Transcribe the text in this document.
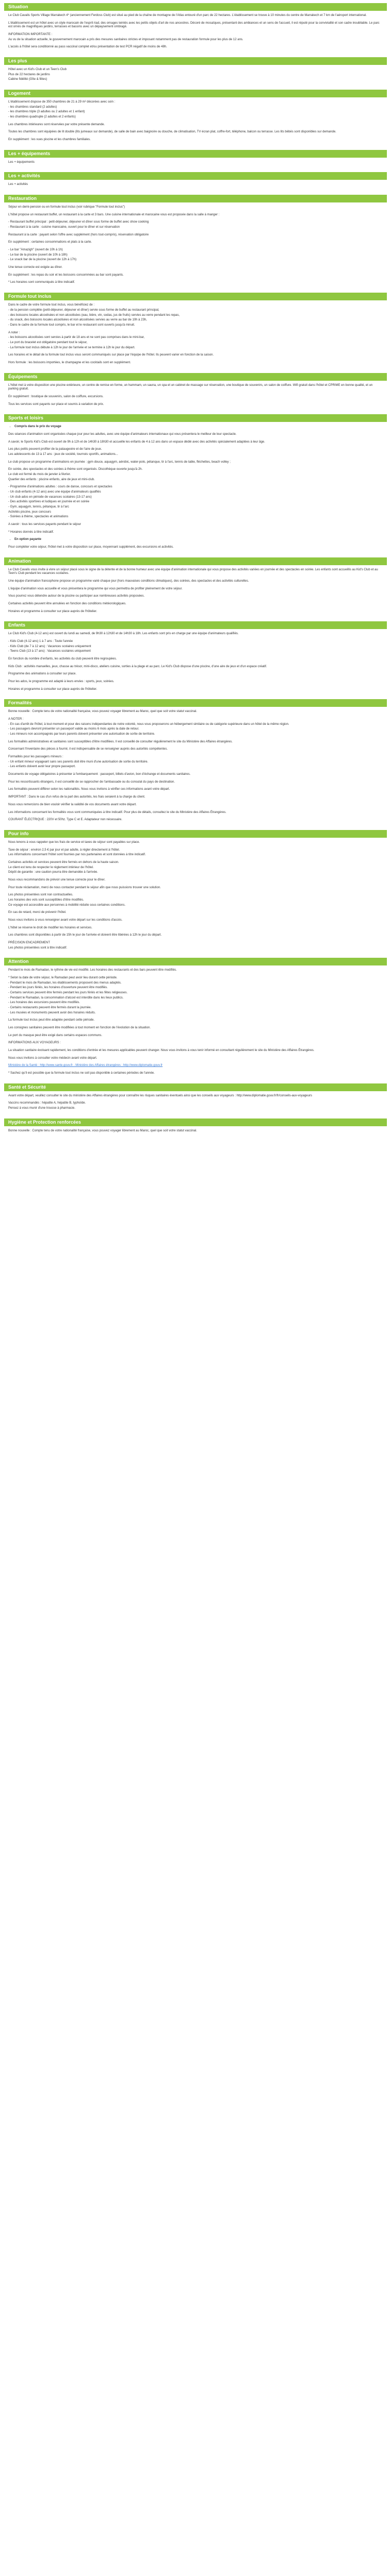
Situation

Le Club Cavalis Sports Village Marrakech 4* (anciennement Ferdoss Club) est situé au pied de la chaîne de montagne de l'Atlas entouré d'un parc de 22 hectares. L'établissement se trouve à 10 minutes du centre de Marrakech et 7 km de l'aéroport international.

L'établissement est un hôtel avec un style marocain de l'esprit riad, des ornages teintés avec les petits objets d'art de nos ancestres. Décoré de mosaïques, présentant des ambiances et un sens de l'accueil, il est réputé pour la convivialité et son cadre inoubliable. Le parc est ornés de magnifiques jardins, terrasses et bassins avec un dépaysement ombragé.

INFORMATION IMPORTANTE :

Au vu de la situation actuelle, le gouvernement marocain a pris des mesures sanitaires strictes et imposant notamment pas de restauration formule pour les plus de 12 ans.

L'accès à l'hôtel sera conditionné au pass vaccinal complet et/ou présentation de test PCR négatif de moins de 48h.

Les plus

Hôtel avec un Kid's Club et un Teen's Club

Plus de 22 hectares de jardins

Cabine fidélité (Gîte & fêtes)

Logement

L'établissement dispose de 350 chambres de 21 à 29 m² décorées avec soin :

- les chambres standard (2 adultes)

- les chambres triple (3 adultes ou 2 adultes et 1 enfant)

- les chambres quadruple (2 adultes et 2 enfants)

Les chambres intérieures sont réservées par votre présente demande.

Toutes les chambres sont équipées de lit double (lits jumeaux sur demande), de salle de bain avec baignoire ou douche, de climatisation, TV écran plat, coffre-fort, téléphone, balcon ou terrasse. Les lits bébés sont disponibles sur demande.

En supplément : les vues piscine et les chambres familiales.

Les + équipements

Les + équipements

Les + activités

Les + activités

Restauration

Séjour en demi-pension ou en formule tout inclus (voir rubrique "Formule tout inclus")

L'hôtel propose un restaurant buffet, un restaurant à la carte et 3 bars. Une cuisine internationale et marocaine vous est proposée dans la salle à manger :

- Restaurant buffet principal : petit-déjeuner, déjeuner et dîner sous forme de buffet avec show cooking

- Restaurant à la carte : cuisine marocaine, ouvert pour le dîner et sur réservation

Restaurant à la carte : payant selon l'offre avec supplément (hors tout-compris), réservation obligatoire

En supplément : certaines consommations et plats à la carte.

- Le bar "Amazigh" (ouvert de 10h à 1h)

- Le bar de la piscine (ouvert de 10h à 18h)

- Le snack bar de la piscine (ouvert de 12h à 17h)

Une tenue correcte est exigée au dîner.

En supplément : les repas du soir et les boissons consommées au bar sont payants.

* Les horaires sont communiqués à titre indicatif.

Formule tout inclus

Dans le cadre de votre formule tout inclus, vous bénéficiez de :

- de la pension complète (petit-déjeuner, déjeuner et dîner) servie sous forme de buffet au restaurant principal,

- des boissons locales alcoolisées et non alcoolisées (eau, bière, vin, sodas, jus de fruits) servies au verre pendant les repas,

- du snack, des boissons locales alcoolisées et non alcoolisées servies au verre au bar de 10h à 23h,

- Dans le cadre de la formule tout compris, le bar et le restaurant sont ouverts jusqu'à minuit.

A noter :

- les boissons alcoolisées sont servies à partir de 18 ans et ne sont pas comprises dans le mini-bar,

- Le port du bracelet est obligatoire pendant tout le séjour,

- La formule tout inclus débute à 12h le jour de l'arrivée et se termine à 12h le jour du départ.

Les horaires et le détail de la formule tout inclus vous seront communiqués sur place par l'équipe de l'hôtel. Ils peuvent varier en fonction de la saison.

Hors formule : les boissons importées, le champagne et les cocktails sont en supplément.

Équipements

L'hôtel met à votre disposition une piscine extérieure, un centre de remise en forme, un hammam, un sauna, un spa et un cabinet de massage sur réservation, une boutique de souvenirs, un salon de coiffure. Wifi gratuit dans l'hôtel et CPRIME en bonne qualité, et un parking gratuit.

En supplément : boutique de souvenirs, salon de coiffure, excursions.

Tous les services sont payants sur place et soumis à variation de prix.

Sports et loisirs
• Compris dans le prix du voyage

Des séances d'animation sont organisées chaque jour pour les adultes, avec une équipe d'animateurs internationaux qui vous présentera le meilleur de leur spectacle.

A savoir, le Sports Kid's Club est ouvert de 9h à 12h et de 14h30 à 18h30 et accueille les enfants de 4 à 12 ans dans un espace dédié avec des activités spécialement adaptées à leur âge.

Les plus petits peuvent profiter de la pataugeoire et de l'aire de jeux.

Les adolescents de 13 à 17 ans : jeux de société, tournois sportifs, animations...

Le club propose un programme d'animations en journée : gym douce, aquagym, aérobic, water-polo, pétanque, tir à l'arc, tennis de table, fléchettes, beach volley ;

En soirée, des spectacles et des soirées à thème sont organisés. Discothèque ouverte jusqu'à 2h.

Le club est fermé du mois de janvier à février.

Quartier des enfants : piscine enfants, aire de jeux et mini-club.

- Programme d'animations adultes : cours de danse, concours et spectacles

- Un club enfants (4-12 ans) avec une équipe d'animateurs qualifiés

- Un club ados en période de vacances scolaires (13-17 ans)

- Des activités sportives et ludiques en journée et en soirée

- Gym, aquagym, tennis, pétanque, tir à l'arc

Activités piscine, jeux concours

- Soirées à thème, spectacles et animations

A savoir : tous les services payants pendant le séjour

* Horaires donnés à titre indicatif.

• En option payante

Pour compléter votre séjour, l'hôtel met à votre disposition sur place, moyennant supplément, des excursions et activités.

Animation

Le Club Cavalis vous invite à vivre un séjour placé sous le signe de la détente et de la bonne humeur avec une équipe d'animation internationale qui vous propose des activités variées en journée et des spectacles en soirée. Les enfants sont accueillis au Kid's Club et au Teen's Club pendant les vacances scolaires.

Une équipe d'animation francophone propose un programme varié chaque jour (hors mauvaises conditions climatiques), des soirées, des spectacles et des activités culturelles.

L'équipe d'animation vous accueille et vous présentera le programme qui vous permettra de profiter pleinement de votre séjour.

Vous pourrez vous détendre autour de la piscine ou participer aux nombreuses activités proposées.

Certaines activités peuvent être annulées en fonction des conditions météorologiques.

Horaires et programme à consulter sur place auprès de l'hôtelier.

Enfants

Le Club Kid's Club (4-12 ans) est ouvert du lundi au samedi, de 9h30 à 12h30 et de 14h30 à 18h. Les enfants sont pris en charge par une équipe d'animateurs qualifiés.

- Kids Club (4-12 ans) 1 à 7 ans : Toute l'année

- Kids Club (de 7 à 12 ans) : Vacances scolaires uniquement

- Teens Club (13 à 17 ans) : Vacances scolaires uniquement

En fonction du nombre d'enfants, les activités du club peuvent être regroupées.

Kids Club : activités manuelles, jeux, chasse au trésor, mini-disco, ateliers cuisine, sorties à la plage et au parc. Le Kid's Club dispose d'une piscine, d'une aire de jeux et d'un espace créatif.

Programme des animations à consulter sur place.

Pour les ados, le programme est adapté à leurs envies : sports, jeux, soirées.

Horaires et programme à consulter sur place auprès de l'hôtelier.

Formalités

Bonne nouvelle : Compte tenu de votre nationalité française, vous pouvez voyager librement au Maroc, quel que soit votre statut vaccinal.

A NOTER :

- En cas d'arrêt de l'hôtel, à tout moment et pour des raisons indépendantes de notre volonté, nous vous proposerons un hébergement similaire ou de catégorie supérieure dans un hôtel de la même région.

- Les passagers devront présenter un passeport valide au moins 6 mois après la date de retour.

- Les mineurs non accompagnés par leurs parents doivent présenter une autorisation de sortie de territoire.

Les formalités administratives et sanitaires sont susceptibles d'être modifiées. Il est conseillé de consulter régulièrement le site du Ministère des Affaires étrangères.

Concernant l'inventaire des pièces à fournir, il est indispensable de se renseigner auprès des autorités compétentes.

Formalités pour les passagers mineurs :

- Un enfant mineur voyageant sans ses parents doit être muni d'une autorisation de sortie du territoire.

- Les enfants doivent avoir leur propre passeport.

Documents de voyage obligatoires à présenter à l'embarquement : passeport, billets d'avion, bon d'échange et documents sanitaires.

Pour les ressortissants étrangers, il est conseillé de se rapprocher de l'ambassade ou du consulat du pays de destination.

Les formalités peuvent différer selon les nationalités. Nous vous invitons à vérifier ces informations avant votre départ.

IMPORTANT : Dans le cas d'un refus de la part des autorités, les frais seraient à la charge du client.

Nous vous remercions de bien vouloir vérifier la validité de vos documents avant votre départ.

Les informations concernant les formalités vous sont communiquées à titre indicatif. Pour plus de détails, consultez le site du Ministère des Affaires Étrangères.

COURANT ÉLECTRIQUE : 220V et 50hz. Type C et E. Adaptateur non nécessaire.

Pour info

Nous tenons à vous rappeler que les frais de service et taxes de séjour sont payables sur place.

Taxe de séjour : environ 2,5 € par jour et par adulte, à régler directement à l'hôtel.

Les informations concernant l'hôtel sont fournies par nos partenaires et sont données à titre indicatif.

Certaines activités et services peuvent être fermés en dehors de la haute saison.

Le client est tenu de respecter le règlement intérieur de l'hôtel.

Dépôt de garantie : une caution pourra être demandée à l'arrivée.

Nous vous recommandons de prévoir une tenue correcte pour le dîner.

Pour toute réclamation, merci de nous contacter pendant le séjour afin que nous puissions trouver une solution.

Les photos présentées sont non contractuelles.

Les horaires des vols sont susceptibles d'être modifiés.

Ce voyage est accessible aux personnes à mobilité réduite sous certaines conditions.

En cas de retard, merci de prévenir l'hôtel.

Nous vous invitons à vous renseigner avant votre départ sur les conditions d'accès.

L'hôtel se réserve le droit de modifier les horaires et services.

Les chambres sont disponibles à partir de 15h le jour de l'arrivée et doivent être libérées à 12h le jour du départ.

PRÉCISION ENCADREMENT

Les photos présentées sont à titre indicatif.

Attention

Pendant le mois de Ramadan, le rythme de vie est modifié. Les horaires des restaurants et des bars peuvent être modifiés.

* Selon la date de votre séjour, le Ramadan peut avoir lieu durant cette période.

- Pendant le mois de Ramadan, les établissements proposent des menus adaptés.

- Pendant les jours fériés, les horaires d'ouverture peuvent être modifiés.

- Certains services peuvent être fermés pendant les jours fériés et les fêtes religieuses.

- Pendant le Ramadan, la consommation d'alcool est interdite dans les lieux publics.

- Les horaires des excursions peuvent être modifiés.

- Certains restaurants peuvent être fermés durant la journée.

- Les musées et monuments peuvent avoir des horaires réduits.

La formule tout inclus peut être adaptée pendant cette période.

Les consignes sanitaires peuvent être modifiées à tout moment en fonction de l'évolution de la situation.

Le port du masque peut être exigé dans certains espaces communs.

INFORMATIONS AUX VOYAGEURS :

La situation sanitaire évoluant rapidement, les conditions d'entrée et les mesures applicables peuvent changer. Nous vous invitons à vous tenir informé en consultant régulièrement le site du Ministère des Affaires Étrangères.

Nous vous invitons à consulter votre médecin avant votre départ.

Ministère de la Santé : http://www.sante.gouv.fr - Ministère des Affaires étrangères : http://www.diplomatie.gouv.fr

* Sachez qu'il est possible que la formule tout inclus ne soit pas disponible à certaines périodes de l'année.

Santé et Sécurité

Avant votre départ, veuillez consulter le site du ministère des Affaires étrangères pour connaître les risques sanitaires éventuels ainsi que les conseils aux voyageurs : http://www.diplomatie.gouv.fr/fr/conseils-aux-voyageurs

Vaccins recommandés : hépatite A, hépatite B, typhoïde.

Pensez à vous munir d'une trousse à pharmacie.

Hygiène et Protection renforcées

Bonne nouvelle : Compte tenu de votre nationalité française, vous pouvez voyager librement au Maroc, quel que soit votre statut vaccinal.
